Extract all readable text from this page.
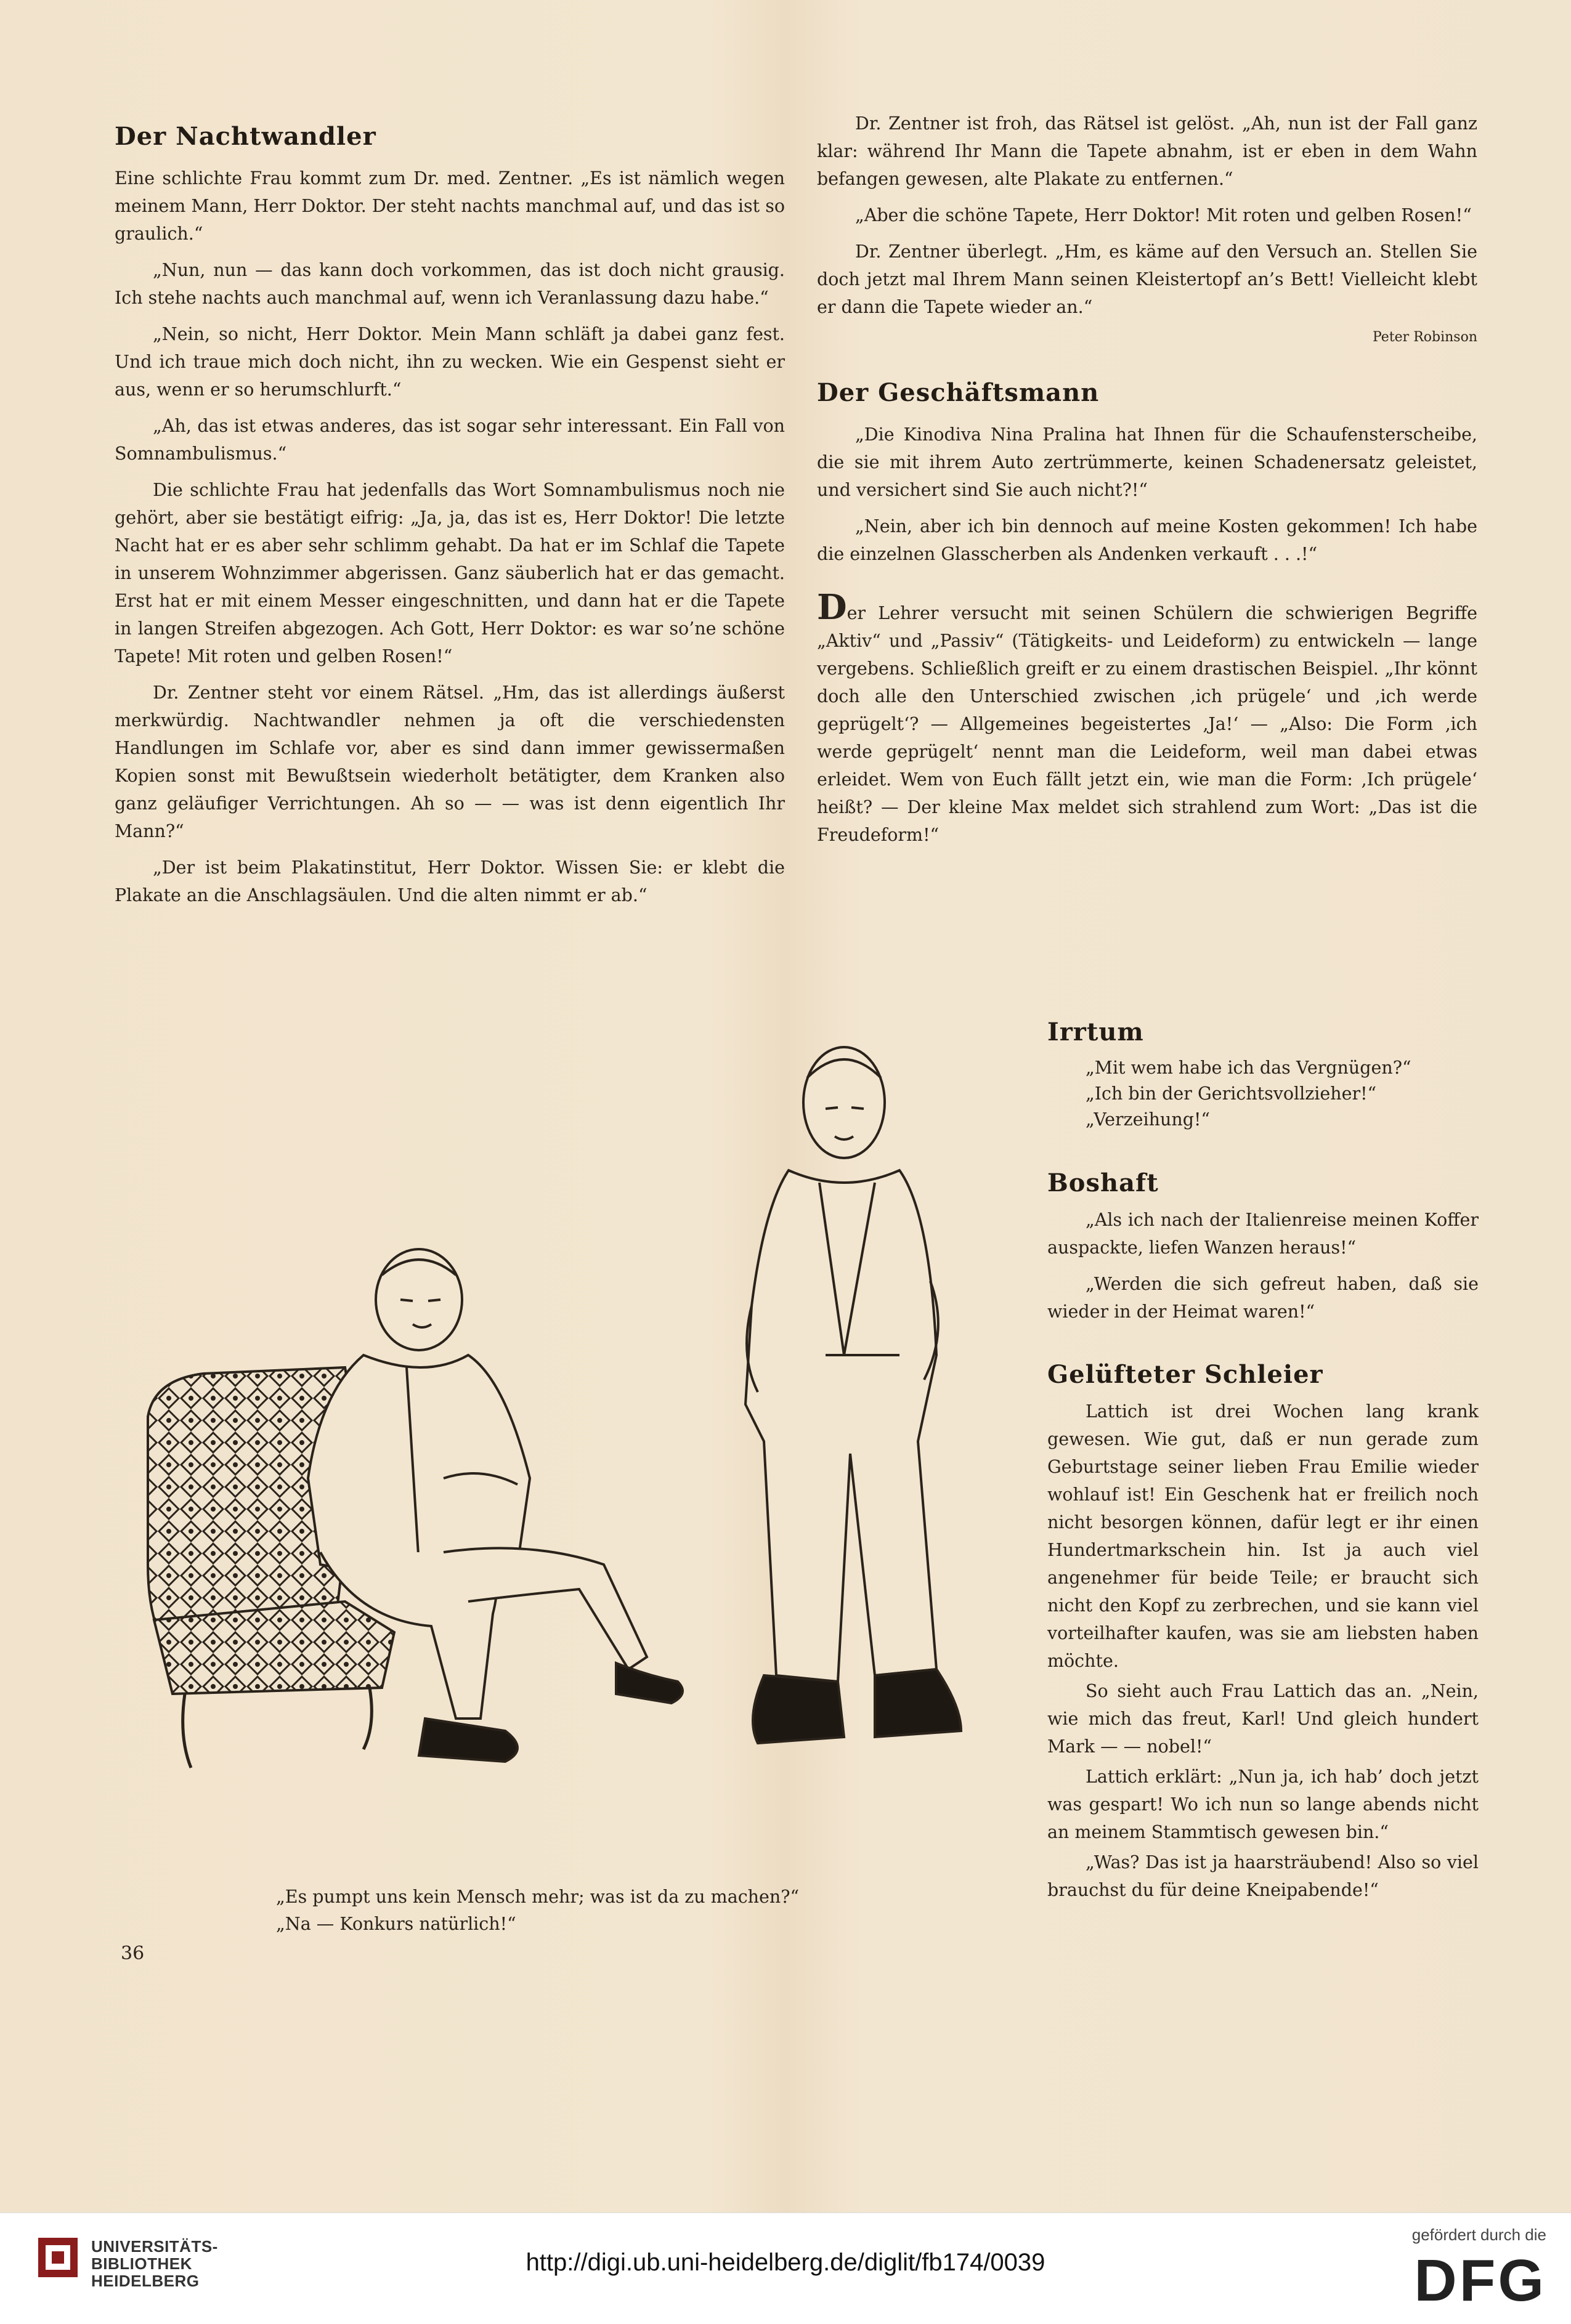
Der Nachtwandler

Eine schlichte Frau kommt zum Dr. med. Zentner. „Es ist nämlich wegen meinem Mann, Herr Doktor. Der steht nachts manchmal auf, und das ist so graulich.“

„Nun, nun — das kann doch vorkommen, das ist doch nicht grausig. Ich stehe nachts auch manchmal auf, wenn ich Veranlassung dazu habe.“

„Nein, so nicht, Herr Doktor. Mein Mann schläft ja dabei ganz fest. Und ich traue mich doch nicht, ihn zu wecken. Wie ein Gespenst sieht er aus, wenn er so herumschlurft.“

„Ah, das ist etwas anderes, das ist sogar sehr interessant. Ein Fall von Somnambulismus.“

Die schlichte Frau hat jedenfalls das Wort Somnambulismus noch nie gehört, aber sie bestätigt eifrig: „Ja, ja, das ist es, Herr Doktor! Die letzte Nacht hat er es aber sehr schlimm gehabt. Da hat er im Schlaf die Tapete in unserem Wohnzimmer abgerissen. Ganz säuberlich hat er das gemacht. Erst hat er mit einem Messer eingeschnitten, und dann hat er die Tapete in langen Streifen abgezogen. Ach Gott, Herr Doktor: es war so’ne schöne Tapete! Mit roten und gelben Rosen!“

Dr. Zentner steht vor einem Rätsel. „Hm, das ist allerdings äußerst merkwürdig. Nachtwandler nehmen ja oft die verschiedensten Handlungen im Schlafe vor, aber es sind dann immer gewissermaßen Kopien sonst mit Bewußtsein wiederholt betätigter, dem Kranken also ganz geläufiger Verrichtungen. Ah so — — was ist denn eigentlich Ihr Mann?“

„Der ist beim Plakatinstitut, Herr Doktor. Wissen Sie: er klebt die Plakate an die Anschlagsäulen. Und die alten nimmt er ab.“

Dr. Zentner ist froh, das Rätsel ist gelöst. „Ah, nun ist der Fall ganz klar: während Ihr Mann die Tapete abnahm, ist er eben in dem Wahn befangen gewesen, alte Plakate zu entfernen.“

„Aber die schöne Tapete, Herr Doktor! Mit roten und gelben Rosen!“

Dr. Zentner überlegt. „Hm, es käme auf den Versuch an. Stellen Sie doch jetzt mal Ihrem Mann seinen Kleistertopf an’s Bett! Vielleicht klebt er dann die Tapete wieder an.“

Peter Robinson
Der Geschäftsmann

„Die Kinodiva Nina Pralina hat Ihnen für die Schaufensterscheibe, die sie mit ihrem Auto zertrümmerte, keinen Schadenersatz geleistet, und versichert sind Sie auch nicht?!“

„Nein, aber ich bin dennoch auf meine Kosten gekommen! Ich habe die einzelnen Glasscherben als Andenken verkauft . . .!“

Der Lehrer versucht mit seinen Schülern die schwierigen Begriffe „Aktiv“ und „Passiv“ (Tätigkeits- und Leideform) zu entwickeln — lange vergebens. Schließlich greift er zu einem drastischen Beispiel. „Ihr könnt doch alle den Unterschied zwischen ‚ich prügele‘ und ‚ich werde geprügelt‘? — Allgemeines begeistertes ‚Ja!‘ — „Also: Die Form ‚ich werde geprügelt‘ nennt man die Leideform, weil man dabei etwas erleidet. Wem von Euch fällt jetzt ein, wie man die Form: ‚Ich prügele‘ heißt? — Der kleine Max meldet sich strahlend zum Wort: „Das ist die Freudeform!“

„Es pumpt uns kein Mensch mehr; was ist da zu machen?“
„Na — Konkurs natürlich!“
Irrtum
„Mit wem habe ich das Vergnügen?“
„Ich bin der Gerichtsvollzieher!“
„Verzeihung!“
Boshaft

„Als ich nach der Italienreise meinen Koffer auspackte, liefen Wanzen heraus!“

„Werden die sich gefreut haben, daß sie wieder in der Heimat waren!“

Gelüfteter Schleier

Lattich ist drei Wochen lang krank gewesen. Wie gut, daß er nun gerade zum Geburtstage seiner lieben Frau Emilie wieder wohlauf ist! Ein Geschenk hat er freilich noch nicht besorgen können, dafür legt er ihr einen Hundertmarkschein hin. Ist ja auch viel angenehmer für beide Teile; er braucht sich nicht den Kopf zu zerbrechen, und sie kann viel vorteilhafter kaufen, was sie am liebsten haben möchte.

So sieht auch Frau Lattich das an. „Nein, wie mich das freut, Karl! Und gleich hundert Mark — — nobel!“

Lattich erklärt: „Nun ja, ich hab’ doch jetzt was gespart! Wo ich nun so lange abends nicht an meinem Stammtisch gewesen bin.“

„Was? Das ist ja haarsträubend! Also so viel brauchst du für deine Kneipabende!“

36
UNIVERSITÄTS-
BIBLIOTHEK
HEIDELBERG
http://digi.ub.uni-heidelberg.de/diglit/fb174/0039
gefördert durch die
DFG
